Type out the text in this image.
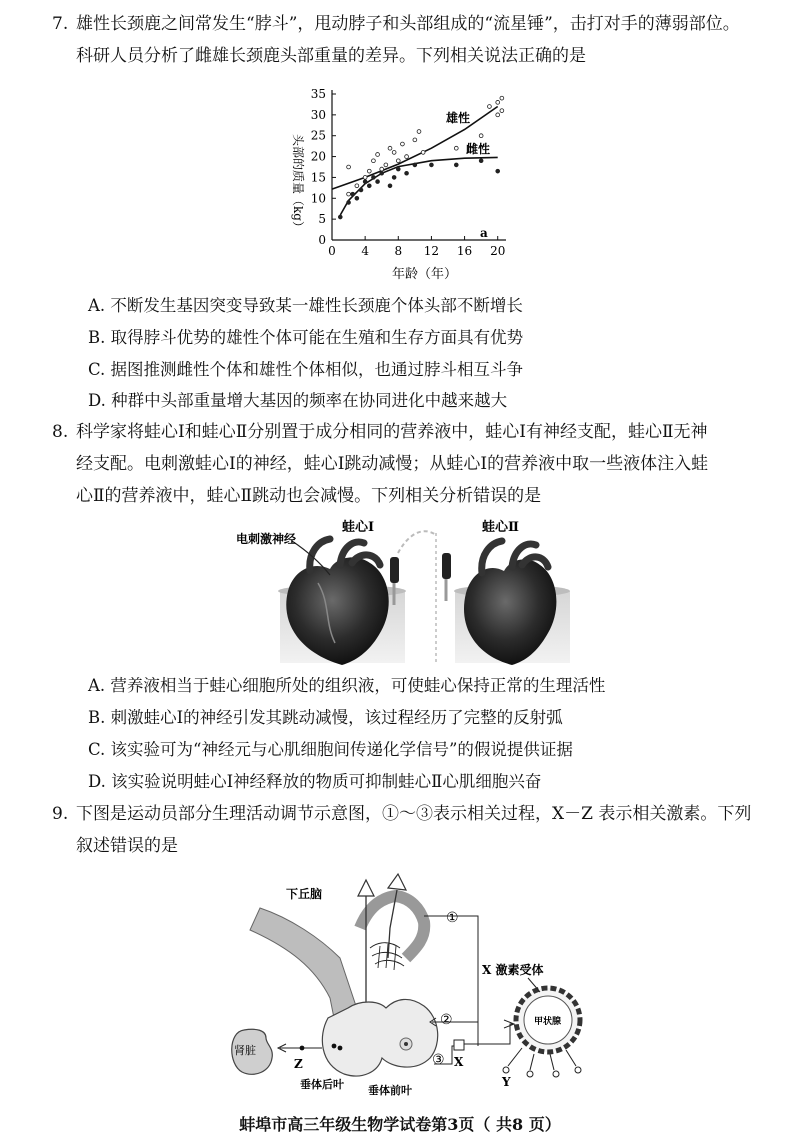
7. 雄性长颈鹿之间常发生“脖斗”，甩动脖子和头部组成的“流星锤”，击打对手的薄弱部位。
科研人员分析了雌雄长颈鹿头部重量的差异。下列相关说法正确的是
0
5
10
15
20
25
30
35
0 4 8 12 16 20
头部的质量（kg）
年龄（年）
a
雄性
雌性
A. 不断发生基因突变导致某一雄性长颈鹿个体头部不断增长
B. 取得脖斗优势的雄性个体可能在生殖和生存方面具有优势
C. 据图推测雌性个体和雄性个体相似，也通过脖斗相互斗争
D. 种群中头部重量增大基因的频率在协同进化中越来越大
8. 科学家将蛙心Ⅰ和蛙心Ⅱ分别置于成分相同的营养液中，蛙心Ⅰ有神经支配，蛙心Ⅱ无神
经支配。电刺激蛙心Ⅰ的神经，蛙心Ⅰ跳动减慢；从蛙心Ⅰ的营养液中取一些液体注入蛙
心Ⅱ的营养液中，蛙心Ⅱ跳动也会减慢。下列相关分析错误的是
电刺激神经
蛙心Ⅰ	蛙心Ⅱ
A. 营养液相当于蛙心细胞所处的组织液，可使蛙心保持正常的生理活性
B. 刺激蛙心Ⅰ的神经引发其跳动减慢，该过程经历了完整的反射弧
C. 该实验可为“神经元与心肌细胞间传递化学信号”的假说提供证据
D. 该实验说明蛙心Ⅰ神经释放的物质可抑制蛙心Ⅱ心肌细胞兴奋
9. 下图是运动员部分生理活动调节示意图，①～③表示相关过程，X－Z 表示相关激素。下列
叙述错误的是
①
②
③ X
甲状腺
X 激素受体
Y
肾脏
Z
下丘脑
垂体后叶 垂体前叶
蚌埠市高三年级生物学试卷第3页（ 共8 页）
